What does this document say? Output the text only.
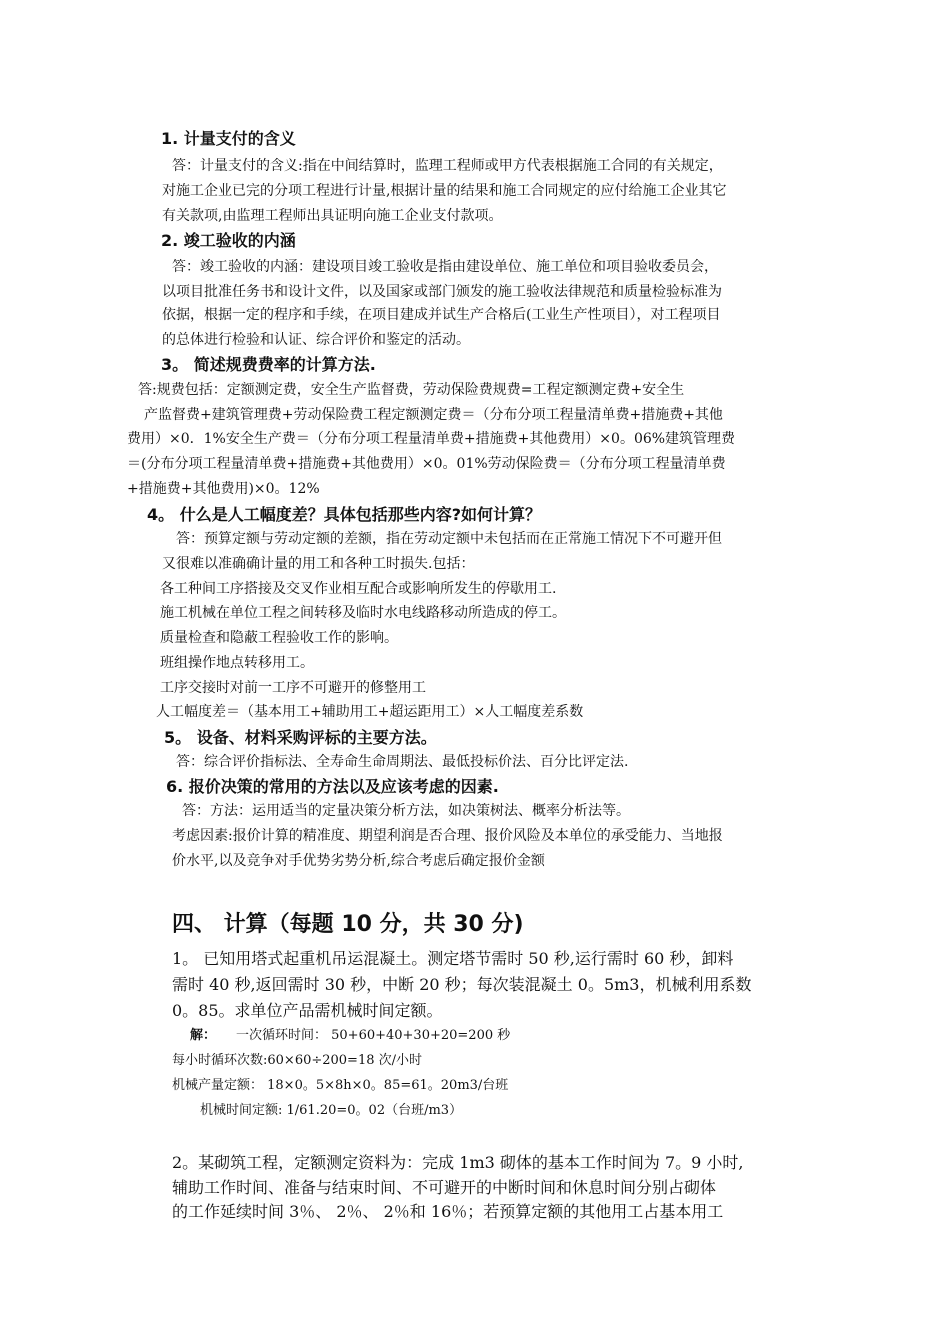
1. 计量支付的含义
答：计量支付的含义:指在中间结算时，监理工程师或甲方代表根据施工合同的有关规定，
对施工企业已完的分项工程进行计量,根据计量的结果和施工合同规定的应付给施工企业其它
有关款项,由监理工程师出具证明向施工企业支付款项。
2. 竣工验收的内涵
答：竣工验收的内涵：建设项目竣工验收是指由建设单位、施工单位和项目验收委员会，
以项目批准任务书和设计文件，以及国家或部门颁发的施工验收法律规范和质量检验标准为
依据，根据一定的程序和手续，在项目建成并试生产合格后(工业生产性项目），对工程项目
的总体进行检验和认证、综合评价和鉴定的活动。
3。 简述规费费率的计算方法.
答:规费包括：定额测定费，安全生产监督费，劳动保险费规费=工程定额测定费+安全生
产监督费+建筑管理费+劳动保险费工程定额测定费＝（分布分项工程量清单费+措施费+其他
费用）×0．1%安全生产费＝（分布分项工程量清单费+措施费+其他费用）×0。06%建筑管理费
＝(分布分项工程量清单费+措施费+其他费用）×0。01%劳动保险费＝（分布分项工程量清单费
+措施费+其他费用)×0。12%
4。 什么是人工幅度差？具体包括那些内容?如何计算？
答：预算定额与劳动定额的差额，指在劳动定额中未包括而在正常施工情况下不可避开但
又很难以准确确计量的用工和各种工时损失.包括：
各工种间工序搭接及交叉作业相互配合或影响所发生的停歇用工.
施工机械在单位工程之间转移及临时水电线路移动所造成的停工。
质量检查和隐蔽工程验收工作的影响。
班组操作地点转移用工。
工序交接时对前一工序不可避开的修整用工
人工幅度差＝（基本用工+辅助用工+超运距用工）×人工幅度差系数
5。 设备、材料采购评标的主要方法。
答：综合评价指标法、全寿命生命周期法、最低投标价法、百分比评定法.
6. 报价决策的常用的方法以及应该考虑的因素.
答：方法：运用适当的定量决策分析方法，如决策树法、概率分析法等。
考虑因素:报价计算的精准度、期望利润是否合理、报价风险及本单位的承受能力、当地报
价水平,以及竞争对手优势劣势分析,综合考虑后确定报价金额
四、 计算（每题 10 分，共 30 分)
1。 已知用塔式起重机吊运混凝土。测定塔节需时 50 秒,运行需时 60 秒，卸料
需时 40 秒,返回需时 30 秒，中断 20 秒；每次装混凝土 0。5m3，机械利用系数
0。85。求单位产品需机械时间定额。
解： 一次循环时间： 50+60+40+30+20=200 秒
每小时循环次数:60×60÷200=18 次/小时
机械产量定额： 18×0。5×8h×0。85=61。20m3/台班
机械时间定额: 1/61.20=0。02（台班/m3）
2。某砌筑工程，定额测定资料为：完成 1m3 砌体的基本工作时间为 7。9 小时,
辅助工作时间、准备与结束时间、不可避开的中断时间和休息时间分别占砌体
的工作延续时间 3％、 2％、 2％和 16％；若预算定额的其他用工占基本用工
